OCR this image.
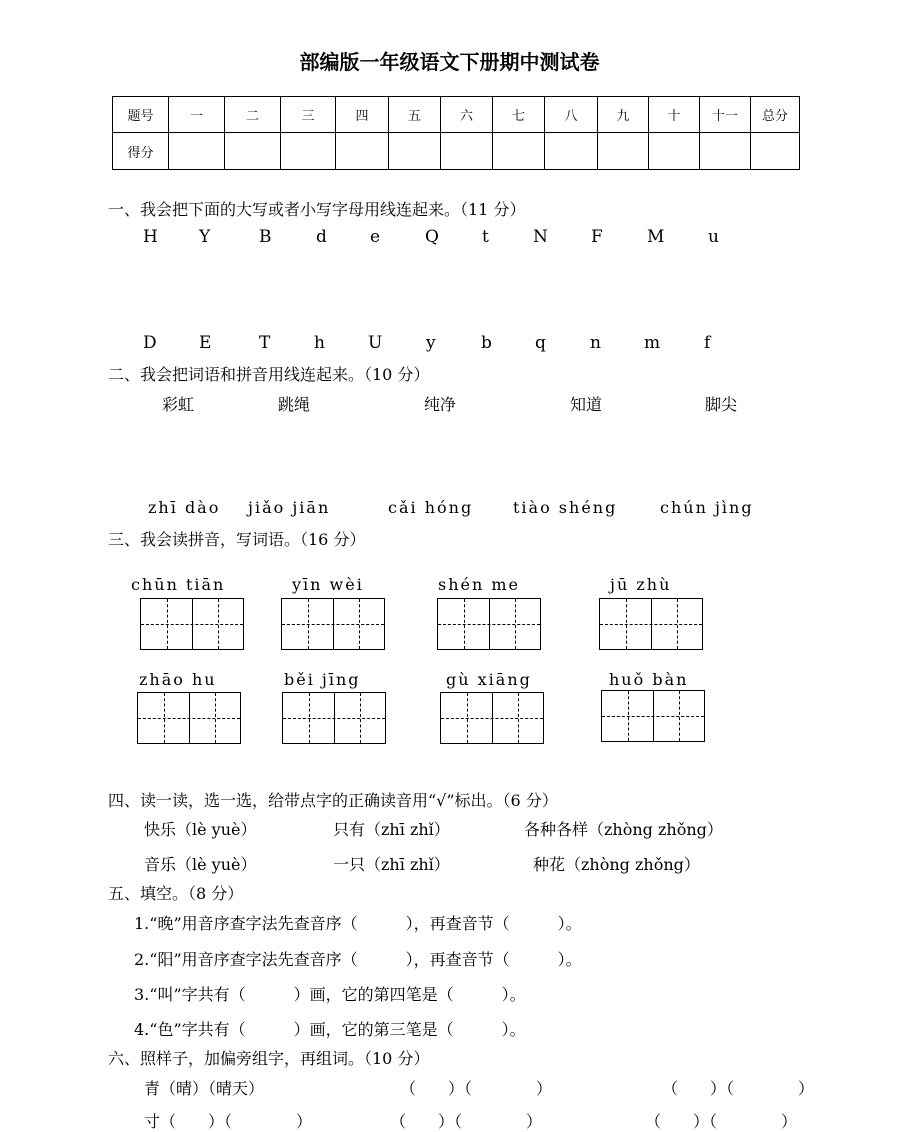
部编版一年级语文下册期中测试卷
题号	一	二	三	四	五	六	七	八	九	十	十一	总分
得分												
一、我会把下面的大写或者小写字母用线连起来。（11 分）
H Y	B	d	e	Q	t	N	F	M	u
D E	T	h	U	y	b	q	n	m	f
二、我会把词语和拼音用线连起来。（10 分）
彩虹	跳绳	纯净	知道	脚尖
zhī dào jiǎo jiān	cǎi hóng tiào shéng	chún jìng
三、我会读拼音，写词语。（16 分）
chūn tiān	yīn wèi	shén me	jū zhù
zhāo hu	běi jīng	gù xiāng	huǒ bàn
四、读一读，选一选，给带点字的正确读音用“√”标出。（6 分）
快乐（lè yuè）	只有（zhī zhǐ）	各种各样（zhòng zhǒng）
音乐（lè yuè）	一只（zhī zhǐ）	种花（zhòng zhǒng）
五、填空。（8 分）
1.“晚”用音序查字法先查音序（　　　），再查音节（　　　）。
2.“阳”用音序查字法先查音序（　　　），再查音节（　　　）。
3.“叫”字共有（　　　）画，它的第四笔是（　　　）。
4.“色”字共有（　　　）画，它的第三笔是（　　　）。
六、照样子，加偏旁组字，再组词。（10 分）
青（晴）（晴天）	（　　）（　　　　）	（　　）（　　　　）
寸（　　）（　　　　）	（　　）（　　　　）	（　　）（　　　　）
